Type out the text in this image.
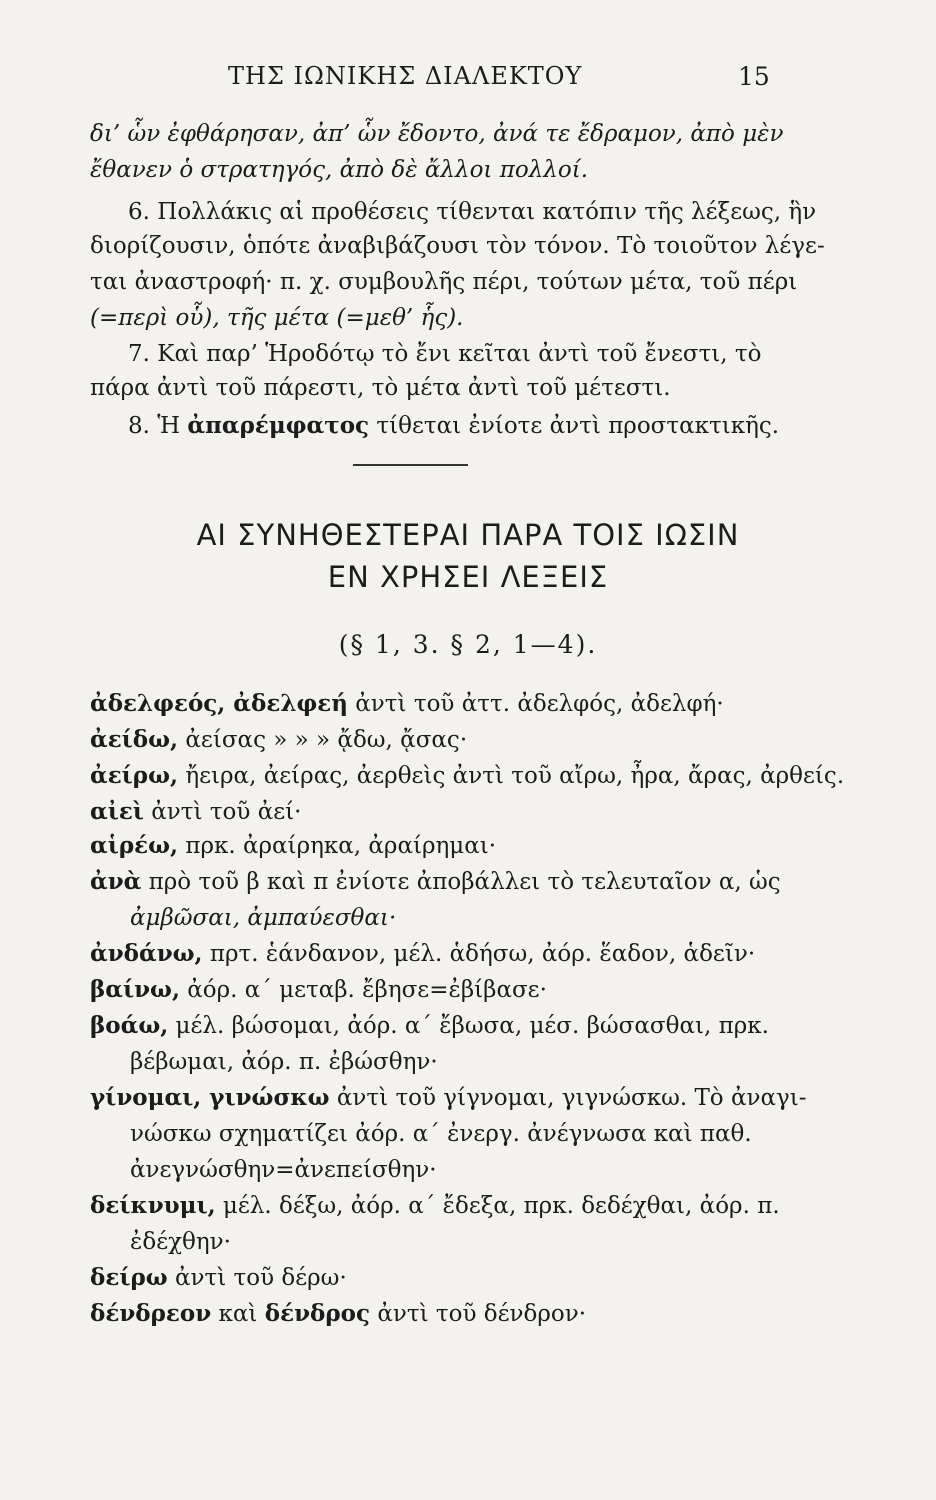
ΤΗΣ ΙΩΝΙΚΗΣ ΔΙΑΛΕΚΤΟΥ	15
δι’ ὧν ἐφθάρησαν, ἀπ’ ὧν ἔδοντο, ἀνά τε ἔδραμον, ἀπὸ μὲν
ἔθανεν ὁ στρατηγός, ἀπὸ δὲ ἄλλοι πολλοί.
6. Πολλάκις αἱ προθέσεις τίθενται κατόπιν τῆς λέξεως, ἣν
διορίζουσιν, ὁπότε ἀναβιβάζουσι τὸν τόνον. Τὸ τοιοῦτον λέγε-
ται ἀναστροφή· π. χ. συμβουλῆς πέρι, τούτων μέτα, τοῦ πέρι
(=περὶ οὗ), τῆς μέτα (=μεθ’ ἧς).
7. Καὶ παρ’ Ἡροδότῳ τὸ ἔνι κεῖται ἀντὶ τοῦ ἔνεστι, τὸ
πάρα ἀντὶ τοῦ πάρεστι, τὸ μέτα ἀντὶ τοῦ μέτεστι.
8. Ἡ ἀπαρέμφατος τίθεται ἐνίοτε ἀντὶ προστακτικῆς.
ΑΙ ΣΥΝΗΘΕΣΤΕΡΑΙ ΠΑΡΑ ΤΟΙΣ ΙΩΣΙΝ
ΕΝ ΧΡΗΣΕΙ ΛΕΞΕΙΣ
(§ 1, 3. § 2, 1—4).
ἀδελφεός, ἀδελφεή ἀντὶ τοῦ ἀττ. ἀδελφός, ἀδελφή·
ἀείδω, ἀείσας » » » ᾄδω, ᾄσας·
ἀείρω, ἤειρα, ἀείρας, ἀερθεὶς ἀντὶ τοῦ αἴρω, ἦρα, ἄρας, ἀρθείς.
αἰεὶ ἀντὶ τοῦ ἀεί·
αἱρέω, πρκ. ἀραίρηκα, ἀραίρημαι·
ἀνὰ πρὸ τοῦ β καὶ π ἐνίοτε ἀποβάλλει τὸ τελευταῖον α, ὡς
ἀμβῶσαι, ἀμπαύεσθαι·
ἀνδάνω, πρτ. ἑάνδανον, μέλ. ἁδήσω, ἀόρ. ἕαδον, ἁδεῖν·
βαίνω, ἀόρ. α΄ μεταβ. ἔβησε=ἐβίβασε·
βοάω, μέλ. βώσομαι, ἀόρ. α΄ ἔβωσα, μέσ. βώσασθαι, πρκ.
βέβωμαι, ἀόρ. π. ἐβώσθην·
γίνομαι, γινώσκω ἀντὶ τοῦ γίγνομαι, γιγνώσκω. Τὸ ἀναγι-
νώσκω σχηματίζει ἀόρ. α΄ ἐνεργ. ἀνέγνωσα καὶ παθ.
ἀνεγνώσθην=ἀνεπείσθην·
δείκνυμι, μέλ. δέξω, ἀόρ. α΄ ἔδεξα, πρκ. δεδέχθαι, ἀόρ. π.
ἐδέχθην·
δείρω ἀντὶ τοῦ δέρω·
δένδρεον καὶ δένδρος ἀντὶ τοῦ δένδρον·
